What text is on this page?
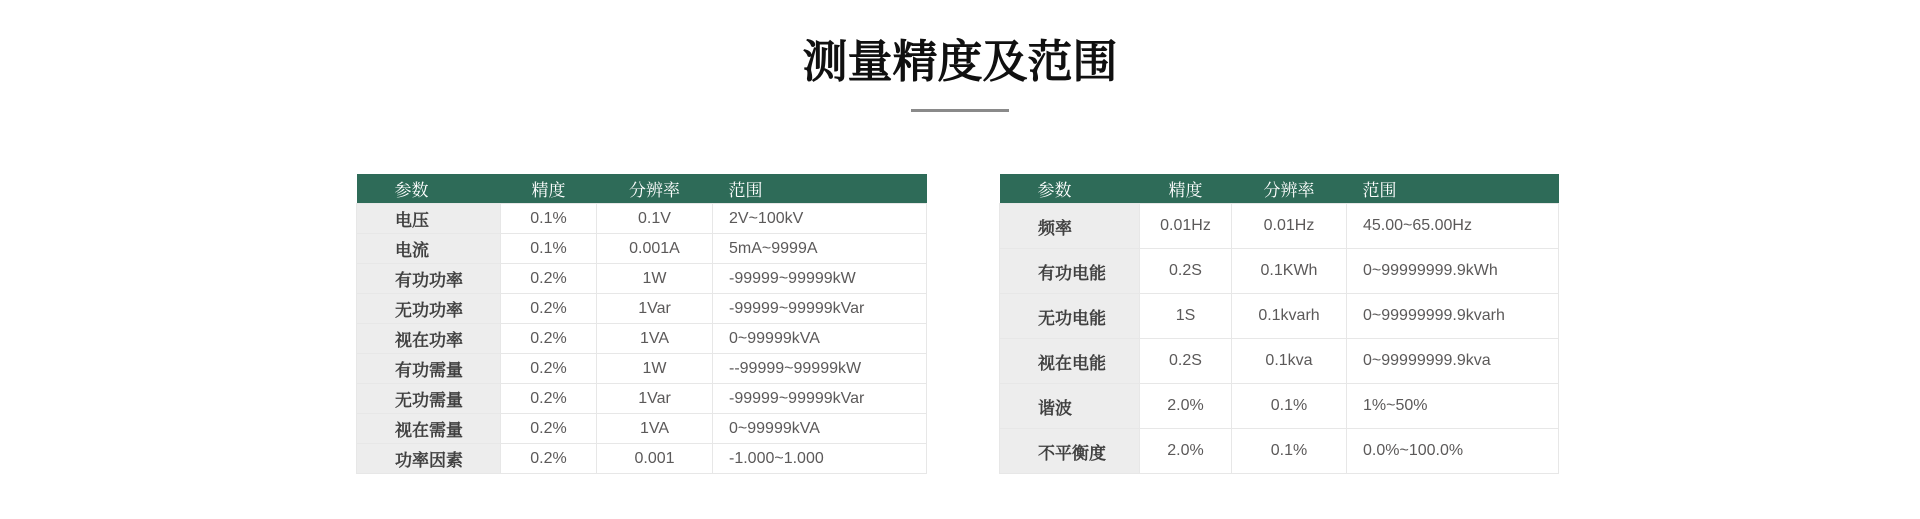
测量精度及范围
参数	精度	分辨率	范围
电压	0.1%	0.1V	2V~100kV
电流	0.1%	0.001A	5mA~9999A
有功功率	0.2%	1W	-99999~99999kW
无功功率	0.2%	1Var	-99999~99999kVar
视在功率	0.2%	1VA	0~99999kVA
有功需量	0.2%	1W	--99999~99999kW
无功需量	0.2%	1Var	-99999~99999kVar
视在需量	0.2%	1VA	0~99999kVA
功率因素	0.2%	0.001	-1.000~1.000
参数	精度	分辨率	范围
频率	0.01Hz	0.01Hz	45.00~65.00Hz
有功电能	0.2S	0.1KWh	0~99999999.9kWh
无功电能	1S	0.1kvarh	0~99999999.9kvarh
视在电能	0.2S	0.1kva	0~99999999.9kva
谐波	2.0%	0.1%	1%~50%
不平衡度	2.0%	0.1%	0.0%~100.0%
